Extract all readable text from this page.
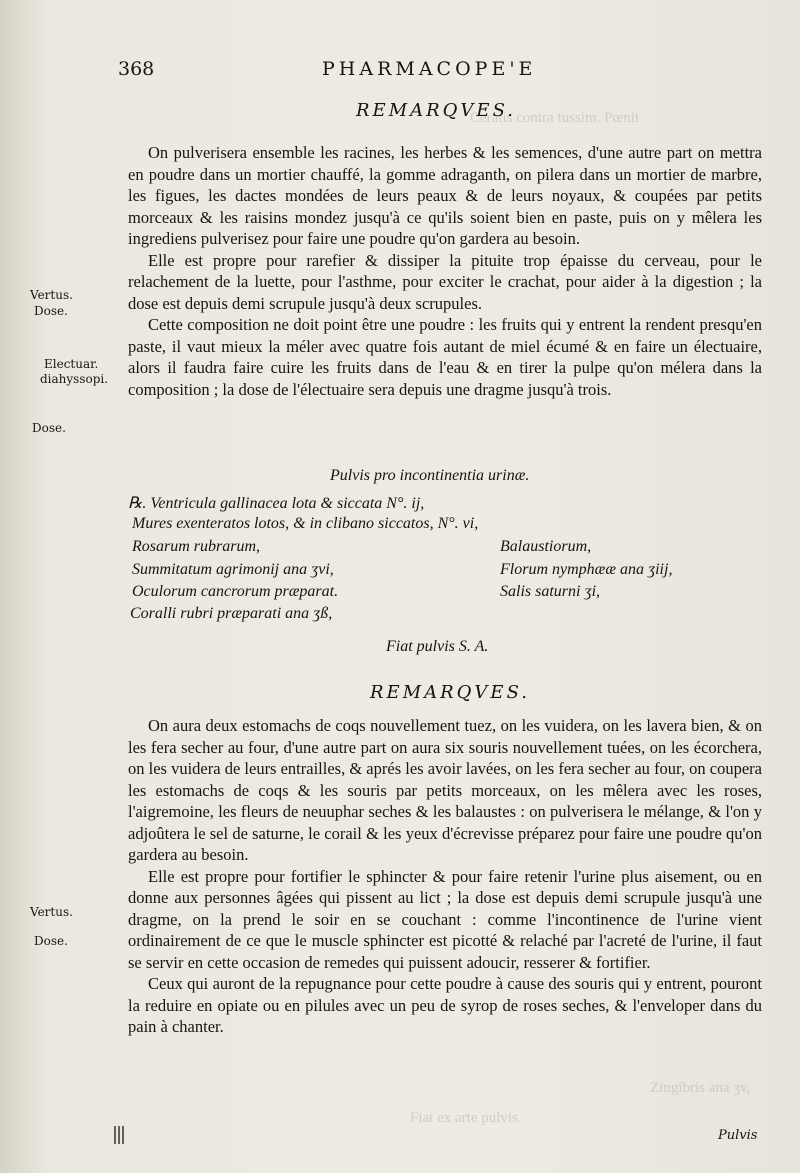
Ceratis contra tussim. Pœnit
Zingibris ana ʒv,
Fiat ex arte pulvis.
368	PHARMACOPE'E
REMARQVES.

On pulverisera ensemble les racines, les herbes & les semences, d'une autre part on mettra en poudre dans un mortier chauffé, la gomme adraganth, on pilera dans un mortier de marbre, les figues, les dactes mondées de leurs peaux & de leurs noyaux, & coupées par petits morceaux & les raisins mondez jusqu'à ce qu'ils soient bien en paste, puis on y mêlera les ingrediens pulverisez pour faire une poudre qu'on gardera au besoin.

Elle est propre pour rarefier & dissiper la pituite trop épaisse du cerveau, pour le relachement de la luette, pour l'asthme, pour exciter le crachat, pour aider à la digestion ; la dose est depuis demi scrupule jusqu'à deux scrupules.

Cette composition ne doit point être une poudre : les fruits qui y entrent la rendent presqu'en paste, il vaut mieux la méler avec quatre fois autant de miel écumé & en faire un électuaire, alors il faudra faire cuire les fruits dans de l'eau & en tirer la pulpe qu'on mélera dans la composition ; la dose de l'électuaire sera depuis une dragme jusqu'à trois.

Vertus.
Dose.
Electuar.
diahyssopi.
Dose.
Pulvis pro incontinentia urinæ.
℞. Ventricula gallinacea lota & siccata N°. ij,
Mures exenteratos lotos, & in clibano siccatos, N°. vi,
Rosarum rubrarum,	Balaustiorum,
Summitatum agrimonij ana ʒvi,	Florum nymphææ ana ʒiij,
Oculorum cancrorum præparat.	Salis saturni ʒi,
Coralli rubri præparati ana ʒß,
Fiat pulvis S. A.
REMARQVES.

On aura deux estomachs de coqs nouvellement tuez, on les vuidera, on les lavera bien, & on les fera secher au four, d'une autre part on aura six souris nouvellement tuées, on les écorchera, on les vuidera de leurs entrailles, & aprés les avoir lavées, on les fera secher au four, on coupera les estomachs de coqs & les souris par petits morceaux, on les mêlera avec les roses, l'aigremoine, les fleurs de neuuphar seches & les balaustes : on pulverisera le mélange, & l'on y adjoûtera le sel de saturne, le corail & les yeux d'écrevisse préparez pour faire une poudre qu'on gardera au besoin.

Elle est propre pour fortifier le sphincter & pour faire retenir l'urine plus aisement, ou en donne aux personnes âgées qui pissent au lict ; la dose est depuis demi scrupule jusqu'à une dragme, on la prend le soir en se couchant : comme l'incontinence de l'urine vient ordinairement de ce que le muscle sphincter est picotté & relaché par l'acreté de l'urine, il faut se servir en cette occasion de remedes qui puissent adoucir, resserer & fortifier.

Ceux qui auront de la repugnance pour cette poudre à cause des souris qui y entrent, pouront la reduire en opiate ou en pilules avec un peu de syrop de roses seches, & l'enveloper dans du pain à chanter.

Vertus.
Dose.
Pulvis
